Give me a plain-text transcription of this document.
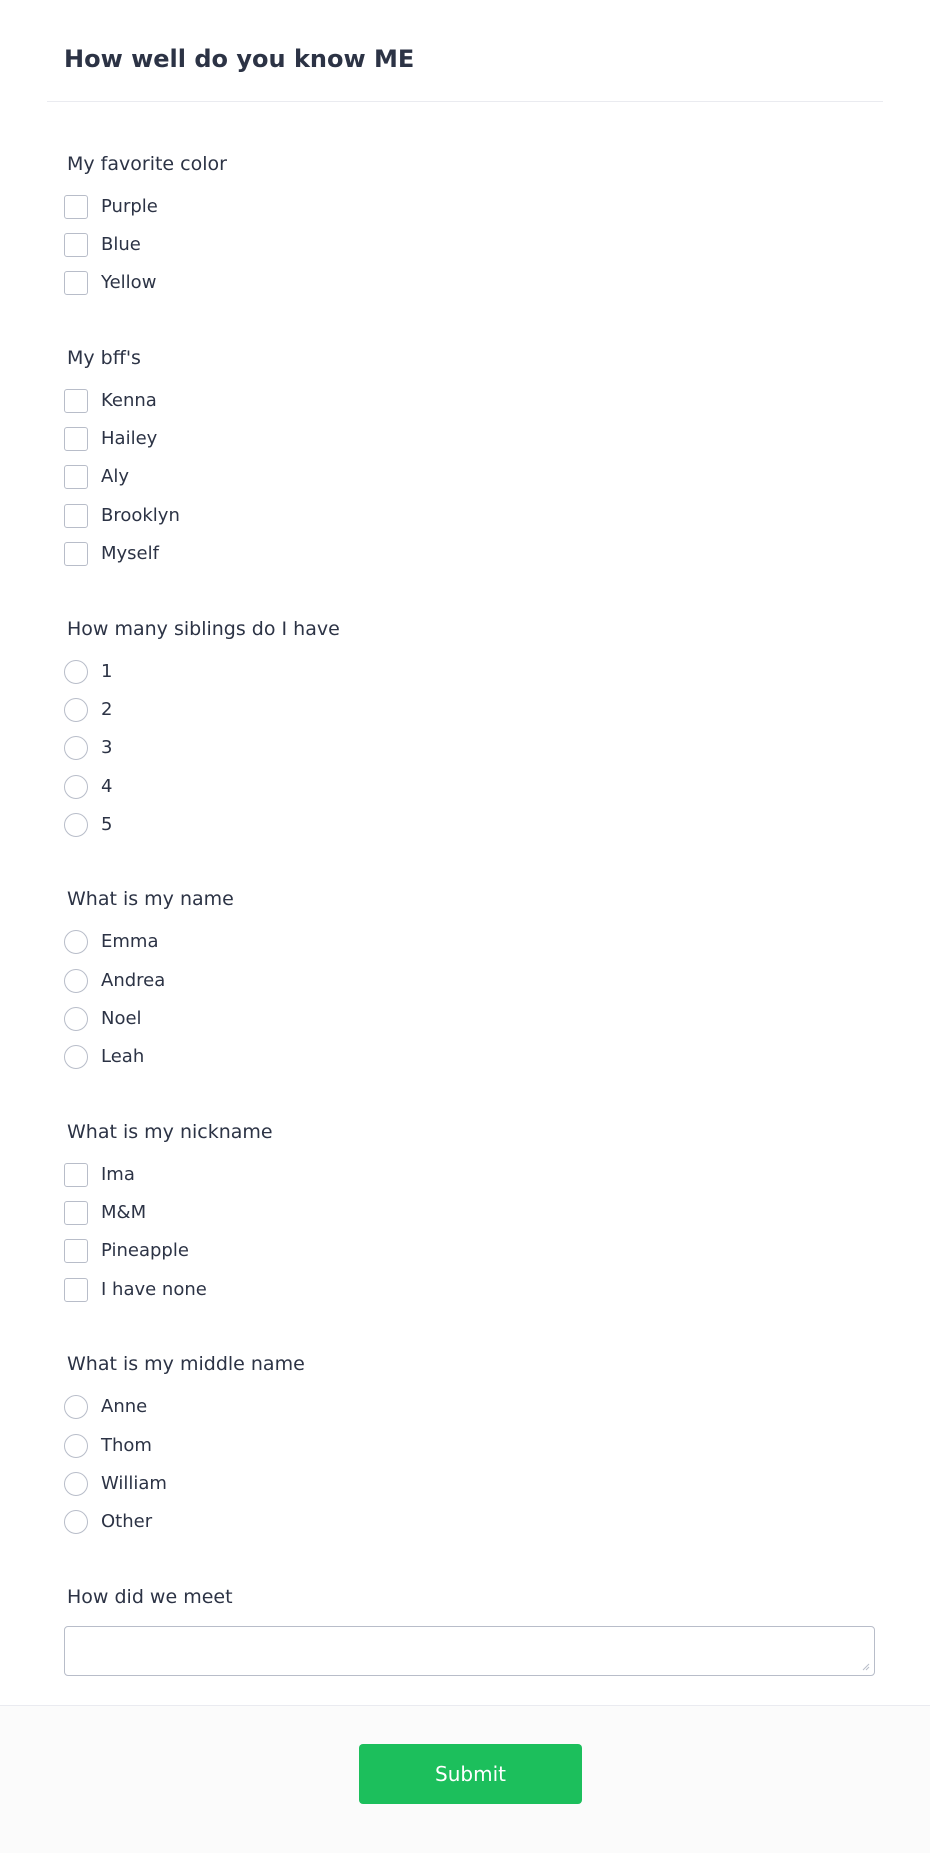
How well do you know ME
My favorite color
Purple
Blue
Yellow
My bff's
Kenna
Hailey
Aly
Brooklyn
Myself
How many siblings do I have
1
2
3
4
5
What is my name
Emma
Andrea
Noel
Leah
What is my nickname
Ima
M&M
Pineapple
I have none
What is my middle name
Anne
Thom
William
Other
How did we meet
Submit
